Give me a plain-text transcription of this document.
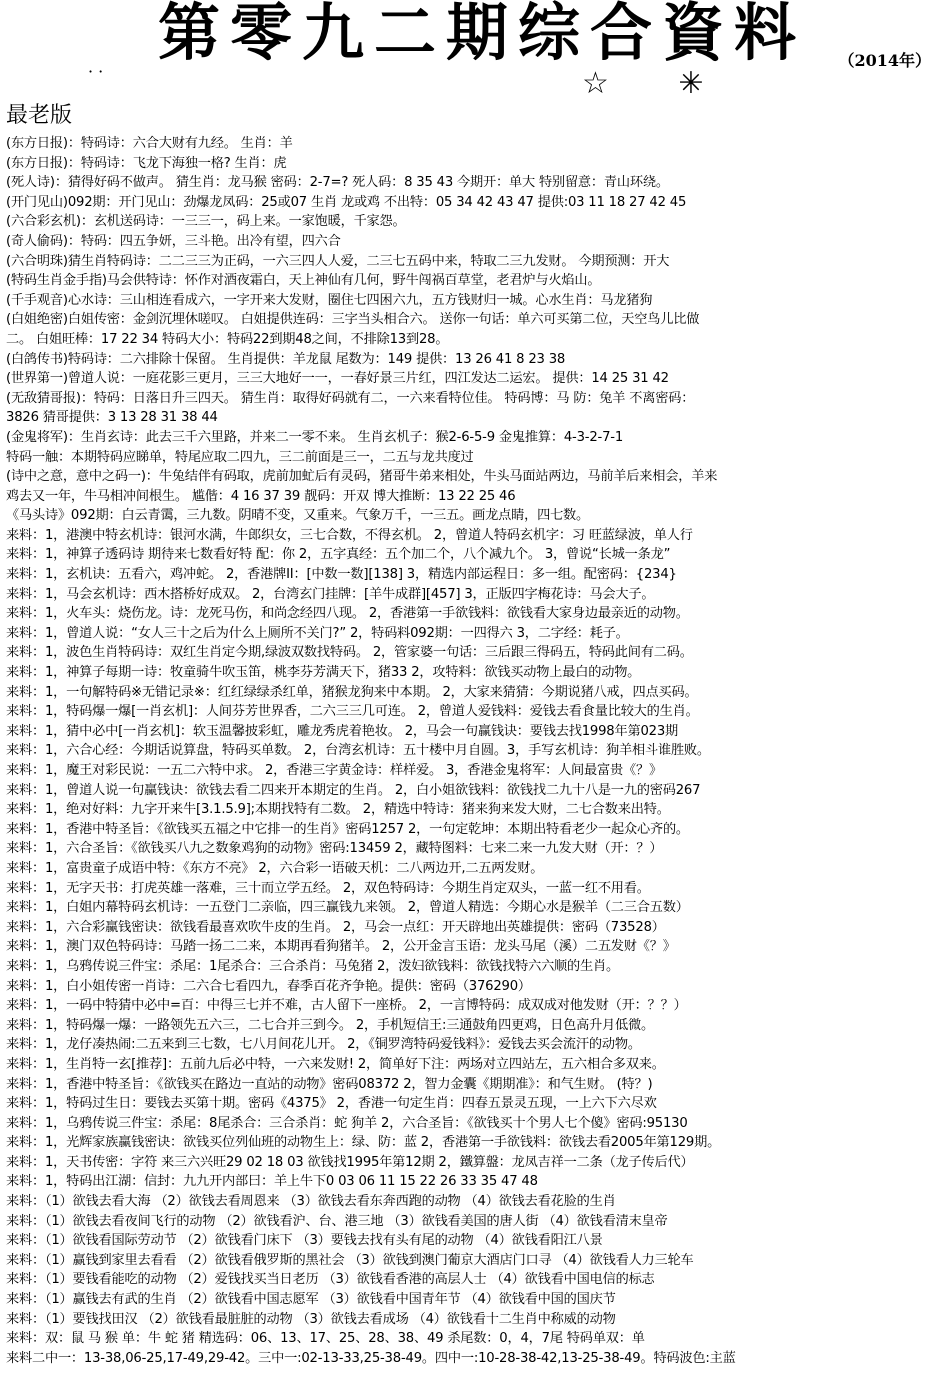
第零九二期综合資料 （2014年）
· ·	☆ ✳
最老版
(东方日报)：特码诗：六合大财有九经。 生肖：羊
(东方日报)：特码诗：飞龙下海独一格? 生肖：虎
(死人诗)：猜得好码不做声。 猜生肖：龙马猴 密码：2-7=? 死人码：8 35 43 今期开：单大 特别留意：青山环绕。
(开门见山)092期：开门见山：劲爆龙凤码：25或07 生肖 龙或鸡 不出特：05 34 42 43 47 提供:03 11 18 27 42 45
(六合彩玄机)：玄机送码诗：一三三一，码上来。一家饱暖，千家怨。
(奇人偷码)：特码：四五争妍，三斗艳。出冷有望，四六合
(六合明珠)猜生肖特码诗：二二三三为正码，一六三四人人爱，二三七五码中来，特取二三九发财。 今期预测：开大
(特码生肖金手指)马会供特诗：怀作对酒夜霜白，天上神仙有几何，野牛闯祸百草堂，老君炉与火焰山。
(千手观音)心水诗：三山相连看成六，一字开来大发财，圈住七四困六九，五方钱财归一城。心水生肖：马龙猪狗
(白姐绝密)白姐传密：金剑沉埋休嗟叹。 白姐提供连码：三字当头相合六。 送你一句话：单六可买第二位，天空鸟儿比做
二。 白姐旺棒：17 22 34 特码大小：特码22到期48之间，不排除13到28。
(白鸽传书)特码诗：二六排除十保留。 生肖提供：羊龙鼠 尾数为：149 提供：13 26 41 8 23 38
(世界第一)曾道人说：一庭花影三更月，三三大地好一一，一春好景三片红，四江发达二运宏。 提供：14 25 31 42
(无敌猜哥报)：特码：日落日升三四天。 猜生肖：取得好码就有二，一六来看特位佳。 特码博：马 防：兔羊 不离密码：
3826 猜哥提供：3 13 28 31 38 44
(金鬼将军)：生肖玄诗：此去三千六里路，并来二一零不来。 生肖玄机子：猴2-6-5-9 金鬼推算：4-3-2-7-1
特码一触：本期特码应睇单，特尾应取二四九，三二前面是三一，二五与龙共度过
(诗中之意，意中之码一)：牛兔结伴有码取，虎前加虻后有灵码，猪哥牛弟来相处，牛头马面站两边，马前羊后来相会，羊来
鸡去又一年，牛马相冲间根生。 尴偕：4 16 37 39 靓码：开双 博大推断：13 22 25 46
《马头诗》092期：白云青霭，三九数。阴晴不变，又重来。气象万千，一三五。画龙点睛，四七数。
来料：1，港澳中特玄机诗：银河水满，牛郎织女，三七合数，不得玄机。 2，曾道人特码玄机字：习 旺蓝绿波，单人行
来料：1，神算子透码诗 期待来七数看好特 配：你 2，五字真经：五个加二个，八个减九个。 3，曾说“长城一条龙”
来料：1，玄机诀：五看六，鸡冲蛇。 2，香港牌II：[中数一数][138] 3，精选内部运程日：多一组。配密码：{234}
来料：1，马会玄机诗：西木搭桥好成双。 2，台湾玄门挂牌：[羊牛成群][457] 3，正版四字梅花诗：马会大子。
来料：1，火车头：烧伤龙。诗：龙死马伤，和尚念经四八现。 2，香港第一手欲钱料：欲钱看大家身边最亲近的动物。
来料：1，曾道人说：“女人三十之后为什么上厕所不关门?” 2，特码料092期：一四得六 3，二字经：耗子。
来料：1，波色生肖特码诗：双红生肖定今期,绿波双数找特码。 2，管家婆一句话：三后跟三得码五，特码此间有二码。
来料：1，神算子每期一诗：牧童骑牛吹玉笛，桃李芬芳满天下，猪33 2，攻特料：欲钱买动物上最白的动物。
来料：1，一句解特码※无错记录※：红红绿绿杀红单，猪猴龙狗来中本期。 2，大家来猜猜：今期说猪八戒，四点买码。
来料：1，特码爆一爆[一肖玄机]：人间芬芳世界香，二六三三几可连。 2，曾道人爱钱料：爱钱去看食量比较大的生肖。
来料：1，猜中必中[一肖玄机]：软玉温馨披彩虹，雕龙秀虎着艳妆。 2，马会一句赢钱诀：要钱去找1998年第023期
来料：1，六合心经：今期话说算盘，特码买单数。 2，台湾玄机诗：五十楼中月自圆。3，手写玄机诗：狗羊相斗谁胜败。
来料：1，魔王对彩民说：一五二六特中求。 2，香港三字黄金诗：样样爱。 3，香港金鬼将军：人间最富贵《？》
来料：1，曾道人说一句赢钱诀：欲钱去看二四来开本期定的生肖。 2，白小姐欲钱料：欲钱找二九十八是一九的密码267
来料：1，绝对好料：九字开来牛[3.1.5.9];本期找特有二数。 2，精选中特诗：猪来狗来发大财，二七合数来出特。
来料：1，香港中特圣旨：《欲钱买五福之中它排一的生肖》密码1257 2，一句定乾坤：本期出特看老少一起众心齐的。
来料：1，六合圣旨：《欲钱买八九之数象鸡狗的动物》密码:13459 2，藏特图料：七来二来一九发大财（开：？）
来料：1，富贵童子成语中特：《东方不亮》 2，六合彩一语破天机：二八两边开,二五两发财。
来料：1，无字天书：打虎英雄一落难，三十而立学五经。 2，双色特码诗：今期生肖定双头，一蓝一红不用看。
来料：1，白姐内幕特码玄机诗：一五登门二亲临，四三赢钱九来领。 2，曾道人精选：今期心水是猴羊（二三合五数）
来料：1，六合彩赢钱密诀：欲钱看最喜欢吹牛皮的生肖。 2，马会一点红：开天辟地出英雄提供：密码（73528）
来料：1，澳门双色特码诗：马踏一扬二二来，本期再看狗猪羊。 2，公开金言玉语：龙头马尾（溪）二五发财《？》
来料：1，乌鸦传说三件宝：杀尾：1尾杀合：三合杀肖：马兔猪 2，泼妇欲钱料：欲钱找特六六顺的生肖。
来料：1，白小姐传密一肖诗：二六合七看四九，春季百花齐争艳。提供：密码（376290）
来料：1，一码中特猜中必中=百：中得三七并不难，古人留下一座桥。 2，一言博特码：成双成对他发财（开：？？）
来料：1，特码爆一爆：一路领先五六三，二七合并三到今。 2，手机短信王:三通鼓角四更鸡，日色高升月低微。
来料：1，龙仔凑热闹:二五来到三七数，七八月间花儿开。 2，《铜罗湾特码爱钱料》：爱钱去买会流汗的动物。
来料：1，生肖特一玄[推荐]：五前九后必中特，一六来发财! 2，简单好下注：两场对立四站左，五六相合多双来。
来料：1，香港中特圣旨：《欲钱买在路边一直站的动物》密码08372 2，智力金囊《期期准》：和气生财。 (特？)
来料：1，特码过生日：要钱去买第十期。密码《4375》 2，香港一句定生肖：四春五景灵五现，一上六下六尽欢
来料：1，乌鸦传说三件宝：杀尾：8尾杀合：三合杀肖：蛇 狗羊 2，六合圣旨：《欲钱买十个男人七个傻》密码:95130
来料：1，光辉家族赢钱密诀：欲钱买位列仙班的动物生上：绿、防：蓝 2，香港第一手欲钱料：欲钱去看2005年第129期。
来料：1，天书传密：字符 来三六兴旺29 02 18 03 欲钱找1995年第12期 2，鐵算盤：龙凤吉祥一二条（龙子传后代）
来料：1，特码出江湖：信封：九九开内部曰：羊上牛下0 03 06 11 15 22 26 33 35 47 48
来料：（1）欲钱去看大海 （2）欲钱去看周恩来 （3）欲钱去看东奔西跑的动物 （4）欲钱去看花脸的生肖
来料：（1）欲钱去看夜间飞行的动物 （2）欲钱看沪、台、港三地 （3）欲钱看美国的唐人街 （4）欲钱看清末皇帝
来料：（1）欲钱看国际劳动节 （2）欲钱看门床下 （3）要钱去找有头有尾的动物 （4）欲钱看阳江八景
来料：（1）赢钱到家里去看看 （2）欲钱看俄罗斯的黑社会 （3）欲钱到澳门葡京大酒店门口寻 （4）欲钱看人力三轮车
来料：（1）要钱看能吃的动物 （2）爱钱找买当日老历 （3）欲钱看香港的高层人士 （4）欲钱看中国电信的标志
来料：（1）赢钱去有武的生肖 （2）欲钱看中国志愿军 （3）欲钱看中国青年节 （4）欲钱看中国的国庆节
来料：（1）要钱找田汉 （2）欲钱看最脏脏的动物 （3）欲钱去看成场 （4）欲钱看十二生肖中称威的动物
来料：双：鼠 马 猴 单：牛 蛇 猪 精选码：06、13、17、25、28、38、49 杀尾数：0，4，7尾 特码单双：单
来料二中一：13-38,06-25,17-49,29-42。三中一:02-13-33,25-38-49。四中一:10-28-38-42,13-25-38-49。特码波色:主蓝
